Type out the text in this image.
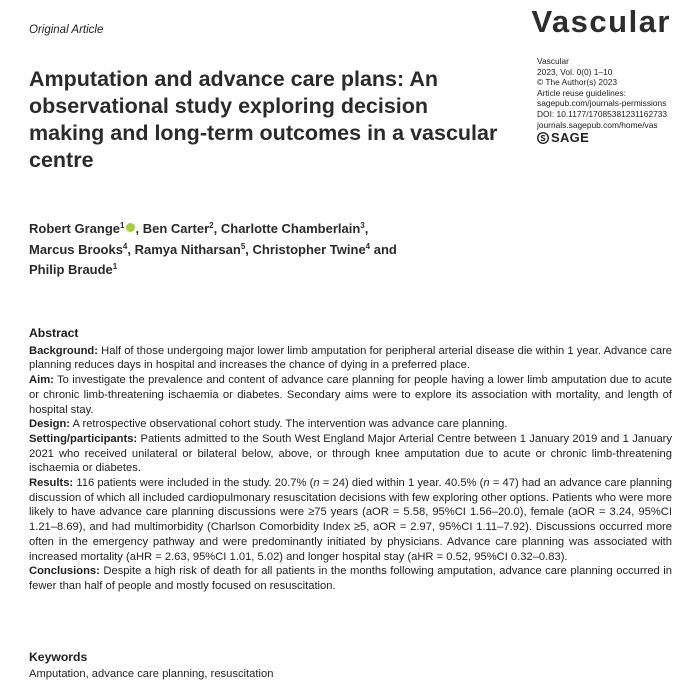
Original Article	Vascular
Vascular
2023, Vol. 0(0) 1–10
© The Author(s) 2023
Article reuse guidelines:
sagepub.com/journals-permissions
DOI: 10.1177/17085381231162733
journals.sagepub.com/home/vas
SAGE
Amputation and advance care plans: An observational study exploring decision making and long-term outcomes in a vascular centre
Robert Grange$^1$ , Ben Carter$^2$, Charlotte Chamberlain$^3$,
Marcus Brooks$^4$, Ramya Nitharsan$^5$, Christopher Twine$^4$ and
Philip Braude$^1$
Abstract

Background: Half of those undergoing major lower limb amputation for peripheral arterial disease die within 1 year. Advance care planning reduces days in hospital and increases the chance of dying in a preferred place.

Aim: To investigate the prevalence and content of advance care planning for people having a lower limb amputation due to acute or chronic limb-threatening ischaemia or diabetes. Secondary aims were to explore its association with mortality, and length of hospital stay.

Design: A retrospective observational cohort study. The intervention was advance care planning.

Setting/participants: Patients admitted to the South West England Major Arterial Centre between 1 January 2019 and 1 January 2021 who received unilateral or bilateral below, above, or through knee amputation due to acute or chronic limb-threatening ischaemia or diabetes.

Results: 116 patients were included in the study. 20.7% (n = 24) died within 1 year. 40.5% (n = 47) had an advance care planning discussion of which all included cardiopulmonary resuscitation decisions with few exploring other options. Patients who were more likely to have advance care planning discussions were ≥75 years (aOR = 5.58, 95%CI 1.56–20.0), female (aOR = 3.24, 95%CI 1.21–8.69), and had multimorbidity (Charlson Comorbidity Index ≥5, aOR = 2.97, 95%CI 1.11–7.92). Discussions occurred more often in the emergency pathway and were predominantly initiated by physicians. Advance care planning was associated with increased mortality (aHR = 2.63, 95%CI 1.01, 5.02) and longer hospital stay (aHR = 0.52, 95%CI 0.32–0.83).

Conclusions: Despite a high risk of death for all patients in the months following amputation, advance care planning occurred in fewer than half of people and mostly focused on resuscitation.

Keywords
Amputation, advance care planning, resuscitation
